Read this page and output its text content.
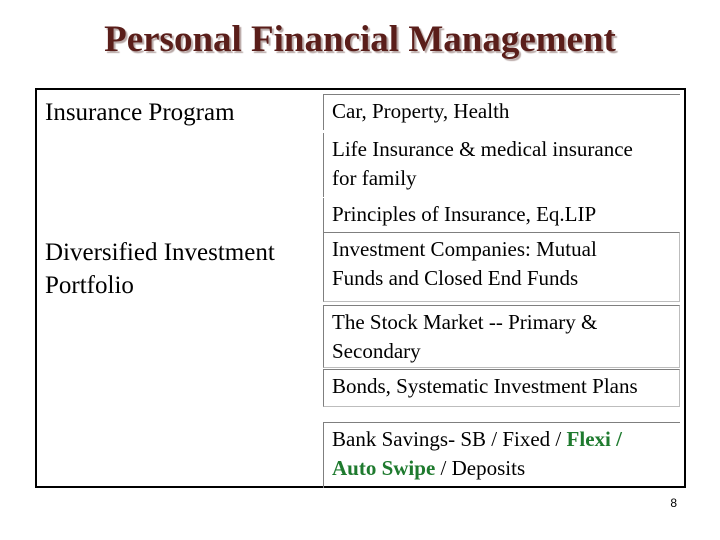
Personal Financial Management
Insurance Program
Diversified Investment
Portfolio
Car, Property, Health
Life Insurance & medical insurance
for family
Principles of Insurance, Eq.LIP
Investment Companies: Mutual
Funds and Closed End Funds
The Stock Market -- Primary &
Secondary
Bonds, Systematic Investment Plans
Bank Savings- SB / Fixed / Flexi /
Auto Swipe / Deposits
8
